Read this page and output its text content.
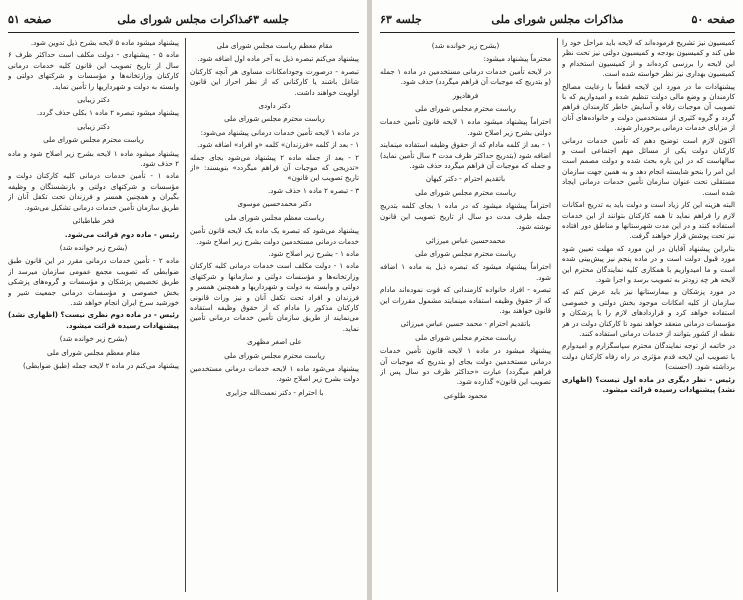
مذاکرات مجلس شورای ملی
جلسه ۶۳
صفحه ۵۱

مقام معظم ریاست مجلس شورای ملی

پیشنهاد می‌کنم تبصره ذیل به آخر ماده اول اضافه شود.

تبصره - درصورت وجودامکانات مساوی هر آنچه کارکنان شاغل باشند یا کارکنانی که از نظر احراز این قانون اولویت خواهند داشت.

دکتر داودی

ریاست محترم مجلس شورای ملی

در ماده ۱ لایحه تأمین خدمات درمانی پیشنهاد می‌شود:

۱ - بعد از کلمه «فرزندان» کلمه «و افراد» اضافه شود.

۲ - بعد از جمله ماده ۲ پیشنهاد می‌شود بجای جمله «تدریجی که موجبات آن فراهم میگردد» بنویسند: «از تاریخ تصویب این قانون»

۳ - تبصره ۲ ماده ۱ حذف شود.

دکتر محمدحسین موسوی

ریاست معظم مجلس شورای ملی

پیشنهاد می‌شود که تبصره یک ماده یک لایحه قانون تأمین خدمات درمانی مستخدمین دولت بشرح زیر اصلاح شود.

ماده ۱ - بشرح زیر اصلاح شود.

ماده ۱ - دولت مکلف است خدمات درمانی کلیه کارکنان وزارتخانه‌ها و مؤسسات دولتی و سازمانها و شرکتهای دولتی و وابسته به دولت و شهرداریها و همچنین همسر و فرزندان و افراد تحت تکفل آنان و نیز وراث قانونی کارکنان مذکور را مادام که از حقوق وظیفه استفاده می‌نمایند از طریق سازمان تأمین خدمات درمانی تأمین نماید.

علی اصغر مظهری

ریاست محترم مجلس شورای ملی

پیشنهاد می‌شود ماده ۱ لایحه خدمات درمانی مستخدمین دولت بشرح زیر اصلاح شود.

با احترام - دکتر نعمت‌الله جزایری

پیشنهاد میشود ماده ۵ لایحه بشرح ذیل تدوین شود.

ماده ۵ - پیشنهادی - دولت مکلف است حداکثر ظرف ۶ سال از تاریخ تصویب این قانون کلیه خدمات درمانی کارکنان وزارتخانه‌ها و مؤسسات و شرکتهای دولتی و وابسته به دولت و شهرداریها را تأمین نماید.

دکتر زیبایی

پیشنهاد میشود تبصره ۲ ماده ۱ بکلی حذف گردد.

دکتر زیبایی

ریاست محترم مجلس شورای ملی

پیشنهاد میشود ماده ۱ لایحه بشرح زیر اصلاح شود و ماده ۲ حذف شود.

ماده ۱ - تأمین خدمات درمانی کلیه کارکنان دولت و مؤسسات و شرکتهای دولتی و بازنشستگان و وظیفه بگیران و همچنین همسر و فرزندان تحت تکفل آنان از طریق سازمان تأمین خدمات درمانی تشکیل می‌شود.

فخر طباطبائی

رئیس - ماده دوم قرائت می‌شود.

(بشرح زیر خوانده شد)

ماده ۲ - تأمین خدمات درمانی مقرر در این قانون طبق ضوابطی که تصویب مجمع عمومی سازمان میرسد از طریق تخصیص پزشکان و مؤسسات و گروه‌های پزشکی بخش خصوصی و مؤسسات درمانی جمعیت شیر و خورشید سرخ ایران انجام خواهد شد.

رئیس - در ماده دوم نظری نیست؟ (اظهاری نشد) پیشنهادات رسیده قرائت میشود.

(بشرح زیر خوانده شد)

مقام معظم مجلس شورای ملی

پیشنهاد می‌کنم در ماده ۲ لایحه جمله (طبق ضوابطی)

صفحه ۵۰
مذاکرات مجلس شورای ملی
جلسه ۶۳

کمیسیون نیز تشریح فرموده‌اند که لایحه باید مراحل خود را طی کند و کمیسیون بودجه و کمیسیون دولتی نیز تحت نظر این لایحه را بررسی کرده‌اند و از کمیسیون استخدام و کمیسیون بهداری نیز نظر خواسته شده است.

پیشنهادات ما در مورد این لایحه قطعاً با رعایت مصالح کارمندان و وضع مالی دولت تنظیم شده و امیدواریم که با تصویب آن موجبات رفاه و آسایش خاطر کارمندان فراهم گردد و گروه کثیری از مستخدمین دولت و خانواده‌های آنان از مزایای خدمات درمانی برخوردار شوند.

اکنون لازم است توضیح دهم که تأمین خدمات درمانی کارکنان دولت یکی از مسائل مهم اجتماعی است و سالهاست که در این باره بحث شده و دولت مصمم است این امر را بنحو شایسته انجام دهد و به همین جهت سازمان مستقلی تحت عنوان سازمان تأمین خدمات درمانی ایجاد شده است.

البته هزینه این کار زیاد است و دولت باید به تدریج امکانات لازم را فراهم نماید تا همه کارکنان بتوانند از این خدمات استفاده کنند و در این مدت شهرستانها و مناطق دور افتاده نیز تحت پوشش قرار خواهند گرفت.

بنابراین پیشنهاد آقایان در این مورد که مهلت تعیین شود مورد قبول دولت است و در ماده پنجم نیز پیش‌بینی شده است و ما امیدواریم با همکاری کلیه نمایندگان محترم این لایحه هر چه زودتر به تصویب برسد و اجرا شود.

در مورد پزشکان و بیمارستانها نیز باید عرض کنم که سازمان از کلیه امکانات موجود بخش دولتی و خصوصی استفاده خواهد کرد و قراردادهای لازم را با پزشکان و مؤسسات درمانی منعقد خواهد نمود تا کارکنان دولت در هر نقطه از کشور بتوانند از خدمات درمانی استفاده کنند.

در خاتمه از توجه نمایندگان محترم سپاسگزارم و امیدوارم با تصویب این لایحه قدم مؤثری در راه رفاه کارکنان دولت برداشته شود. (احسنت)

رئیس - نظر دیگری در ماده اول نیست؟ (اظهاری نشد) پیشنهادات رسیده قرائت میشود.

(بشرح زیر خوانده شد)

محترماً پیشنهاد میشود:

در لایحه تأمین خدمات درمانی مستخدمین در ماده ۱ جمله (و بتدریج که موجبات آن فراهم میگردد) حذف شود.

فرهادپور

ریاست محترم مجلس شورای ملی

احتراماً پیشنهاد میشود ماده ۱ لایحه قانون تأمین خدمات دولتی بشرح زیر اصلاح شود.

۱ - بعد از کلمه مادام که از حقوق وظیفه استفاده مینمایند اضافه شود (بتدریج حداکثر ظرف مدت ۳ سال تأمین نماید) و جمله که موجبات آن فراهم میگردد حذف شود.

باتقدیم احترام - دکتر کیهان

ریاست محترم مجلس شورای ملی

احتراماً پیشنهاد میشود که در ماده ۱ بجای کلمه بتدریج جمله ظرف مدت دو سال از تاریخ تصویب این قانون نوشته شود.

محمدحسین عباس میرزائی

ریاست محترم مجلس شورای ملی

احتراماً پیشنهاد میشود که تبصره ذیل به ماده ۱ اضافه شود.

تبصره - افراد خانواده کارمندانی که فوت نموده‌اند مادام که از حقوق وظیفه استفاده مینمایند مشمول مقررات این قانون خواهند بود.

باتقدیم احترام - محمد حسین عباس میرزائی

ریاست محترم مجلس شورای ملی

پیشنهاد میشود در ماده ۱ لایحه قانون تأمین خدمات درمانی مستخدمین دولت بجای (و بتدریج که موجبات آن فراهم میگردد) عبارت «حداکثر ظرف دو سال پس از تصویب این قانون» گذارده شود.

محمود طلوعی
